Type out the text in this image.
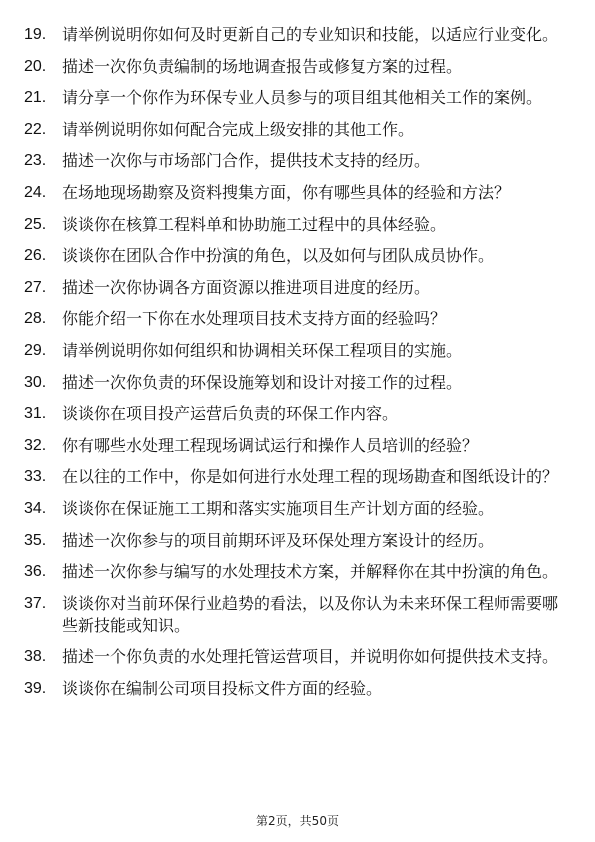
19. 请举例说明你如何及时更新自己的专业知识和技能，以适应行业变化。
20. 描述一次你负责编制的场地调查报告或修复方案的过程。
21. 请分享一个你作为环保专业人员参与的项目组其他相关工作的案例。
22. 请举例说明你如何配合完成上级安排的其他工作。
23. 描述一次你与市场部门合作，提供技术支持的经历。
24. 在场地现场勘察及资料搜集方面，你有哪些具体的经验和方法？
25. 谈谈你在核算工程料单和协助施工过程中的具体经验。
26. 谈谈你在团队合作中扮演的角色，以及如何与团队成员协作。
27. 描述一次你协调各方面资源以推进项目进度的经历。
28. 你能介绍一下你在水处理项目技术支持方面的经验吗？
29. 请举例说明你如何组织和协调相关环保工程项目的实施。
30. 描述一次你负责的环保设施筹划和设计对接工作的过程。
31. 谈谈你在项目投产运营后负责的环保工作内容。
32. 你有哪些水处理工程现场调试运行和操作人员培训的经验？
33. 在以往的工作中，你是如何进行水处理工程的现场勘查和图纸设计的？
34. 谈谈你在保证施工工期和落实实施项目生产计划方面的经验。
35. 描述一次你参与的项目前期环评及环保处理方案设计的经历。
36. 描述一次你参与编写的水处理技术方案，并解释你在其中扮演的角色。
37. 谈谈你对当前环保行业趋势的看法，以及你认为未来环保工程师需要哪些新技能或知识。
38. 描述一个你负责的水处理托管运营项目，并说明你如何提供技术支持。
39. 谈谈你在编制公司项目投标文件方面的经验。
第2页，共50页
